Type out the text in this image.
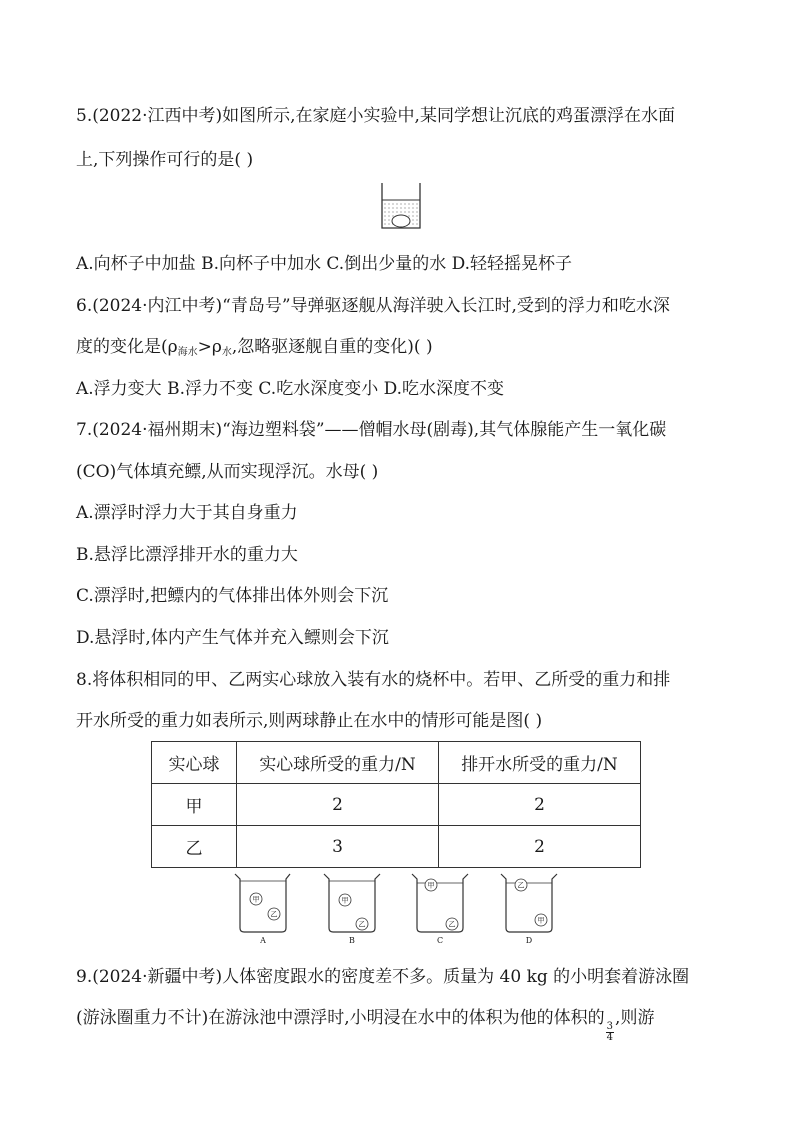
5.(2022·江西中考)如图所示,在家庭小实验中,某同学想让沉底的鸡蛋漂浮在水面
上,下列操作可行的是( )
A.向杯子中加盐 B.向杯子中加水 C.倒出少量的水 D.轻轻摇晃杯子
6.(2024·内江中考)“青岛号”导弹驱逐舰从海洋驶入长江时,受到的浮力和吃水深
度的变化是($\rho_{海水}>\rho_水$,忽略驱逐舰自重的变化)( )
A.浮力变大 B.浮力不变 C.吃水深度变小 D.吃水深度不变
7.(2024·福州期末)“海边塑料袋”——僧帽水母(剧毒),其气体腺能产生一氧化碳
(CO)气体填充鳔,从而实现浮沉。水母( )
A.漂浮时浮力大于其自身重力
B.悬浮比漂浮排开水的重力大
C.漂浮时,把鳔内的气体排出体外则会下沉
D.悬浮时,体内产生气体并充入鳔则会下沉
8.将体积相同的甲、乙两实心球放入装有水的烧杯中。若甲、乙所受的重力和排
开水所受的重力如表所示,则两球静止在水中的情形可能是图( )
实心球	实心球所受的重力/N	排开水所受的重力/N
甲	2	2
乙	3	2
甲
乙
A
甲
乙
B
甲
乙
C
乙
甲
D
9.(2024·新疆中考)人体密度跟水的密度差不多。质量为 40 kg 的小明套着游泳圈
(游泳圈重力不计)在游泳池中漂浮时,小明浸在水中的体积为他的体积的
$\frac{3}{4}$
,则游
